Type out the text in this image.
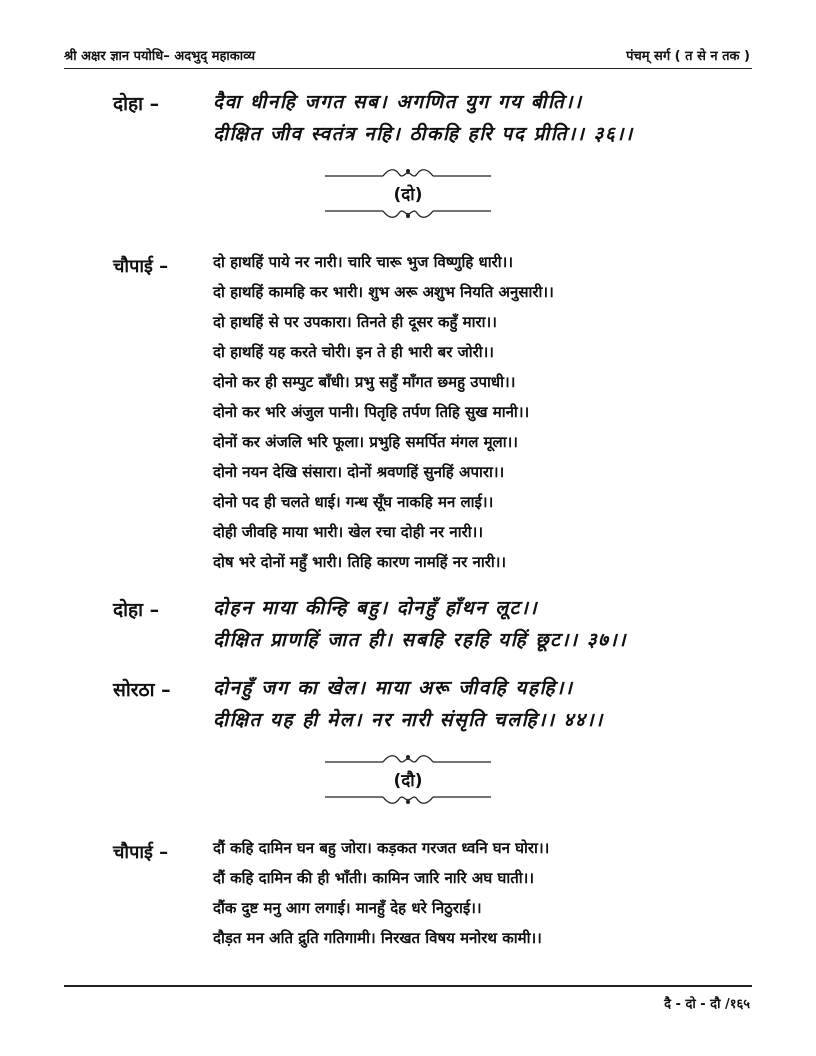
श्री अक्षर ज्ञान पयोधि– अदभुद् महाकाव्य	पंचम् सर्ग ( त से न तक )
दोहा –	दैवा धीनहि जगत सब। अगणित युग गय बीति।।
दीक्षित जीव स्वतंत्र नहि। ठीकहि हरि पद प्रीति।। ३६।।
(दो)
चौपाई –	दो हाथहिं पाये नर नारी। चारि चारू भुज विष्णुहि धारी।।
दो हाथहिं कामहि कर भारी। शुभ अरू अशुभ नियति अनुसारी।।
दो हाथहिं से पर उपकारा। तिनते ही दूसर कहुँ मारा।।
दो हाथहिं यह करते चोरी। इन ते ही भारी बर जोरी।।
दोनो कर ही सम्पुट बाँधी। प्रभु सहुँ माँगत छमहु उपाधी।।
दोनो कर भरि अंजुल पानी। पितृहि तर्पण तिहि सुख मानी।।
दोनों कर अंजलि भरि फूला। प्रभुहि समर्पित मंगल मूला।।
दोनो नयन देखि संसारा। दोनों श्रवणहिं सुनहिं अपारा।।
दोनो पद ही चलते धाई। गन्ध सूँघ नाकहि मन लाई।।
दोही जीवहि माया भारी। खेल रचा दोही नर नारी।।
दोष भरे दोनों महुँ भारी। तिहि कारण नामहिं नर नारी।।
दोहा –	दोहन माया कीन्हि बहु। दोनहुँ हाँथन लूट।।
दीक्षित प्राणहिं जात ही। सबहि रहहि यहिं छूट।। ३७।।
सोरठा – दोनहुँ जग का खेल। माया अरू जीवहि यहहि।।
दीक्षित यह ही मेल। नर नारी संसृति चलहि।। ४४।।
(दौ)
चौपाई –	दौं कहि दामिन घन बहु जोरा। कड़कत गरजत ध्वनि घन घोरा।।
दौं कहि दामिन की ही भाँती। कामिन जारि नारि अघ घाती।।
दौंक दुष्ट मनु आग लगाई। मानहुँ देह धरे निठुराई।।
दौड़त मन अति द्रुति गतिगामी। निरखत विषय मनोरथ कामी।।
दै - दो - दौ /१६५
